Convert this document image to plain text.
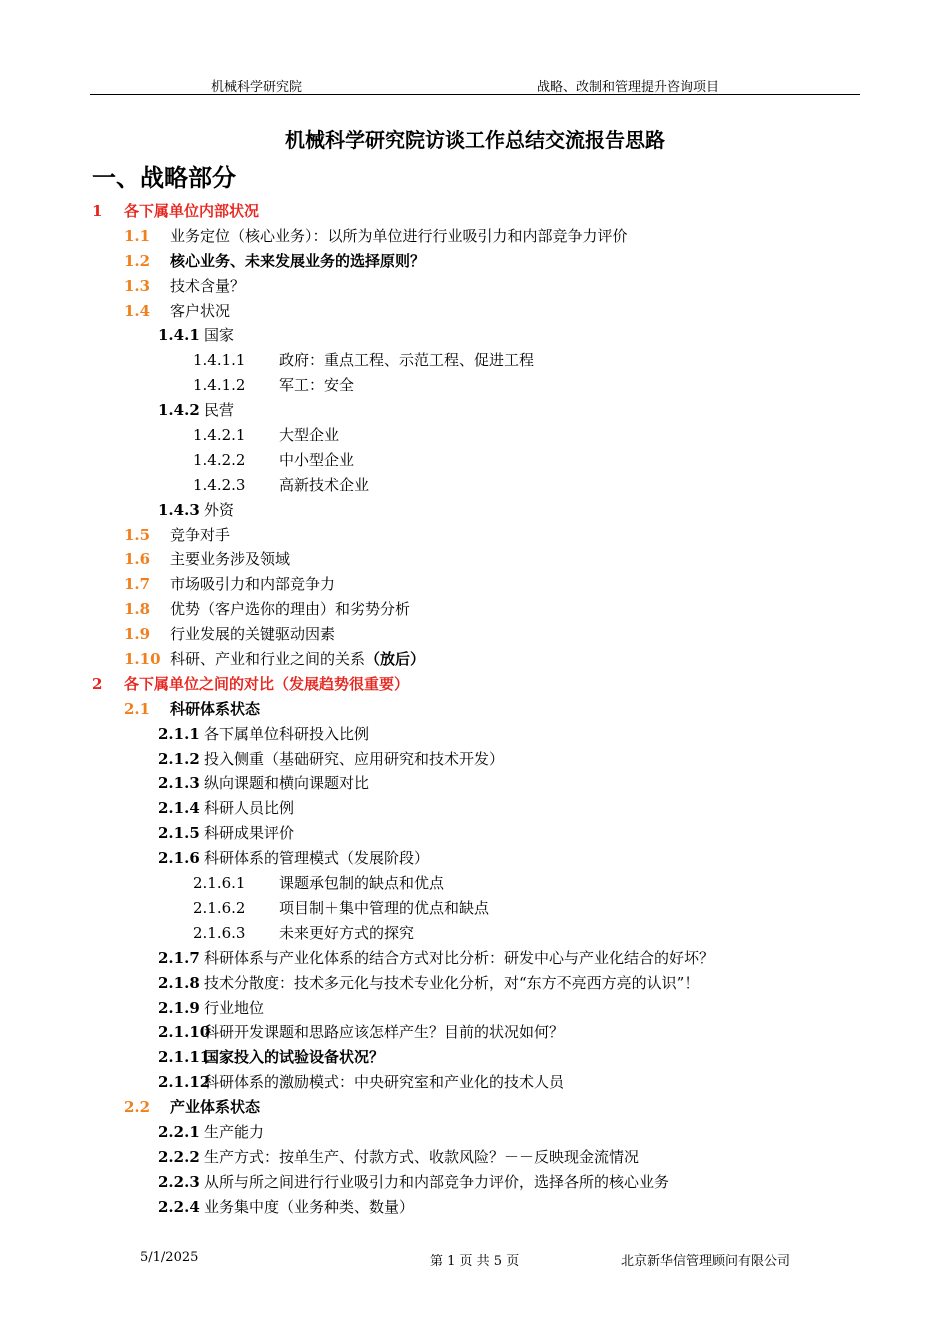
机械科学研究院	战略、改制和管理提升咨询项目
机械科学研究院访谈工作总结交流报告思路
一、战略部分
1 各下属单位内部状况
1.1 业务定位（核心业务）：以所为单位进行行业吸引力和内部竞争力评价
1.2 核心业务、未来发展业务的选择原则？
1.3 技术含量？
1.4 客户状况
1.4.1 国家
1.4.1.1 政府：重点工程、示范工程、促进工程
1.4.1.2 军工：安全
1.4.2 民营
1.4.2.1 大型企业
1.4.2.2 中小型企业
1.4.2.3 高新技术企业
1.4.3 外资
1.5 竞争对手
1.6 主要业务涉及领域
1.7 市场吸引力和内部竞争力
1.8 优势（客户选你的理由）和劣势分析
1.9 行业发展的关键驱动因素
1.10 科研、产业和行业之间的关系（放后）
2 各下属单位之间的对比（发展趋势很重要）
2.1 科研体系状态
2.1.1 各下属单位科研投入比例
2.1.2 投入侧重（基础研究、应用研究和技术开发）
2.1.3 纵向课题和横向课题对比
2.1.4 科研人员比例
2.1.5 科研成果评价
2.1.6 科研体系的管理模式（发展阶段）
2.1.6.1 课题承包制的缺点和优点
2.1.6.2 项目制＋集中管理的优点和缺点
2.1.6.3 未来更好方式的探究
2.1.7 科研体系与产业化体系的结合方式对比分析：研发中心与产业化结合的好坏？
2.1.8 技术分散度：技术多元化与技术专业化分析，对“东方不亮西方亮的认识”！
2.1.9 行业地位
2.1.10
科研开发课题和思路应该怎样产生？目前的状况如何？
2.1.11
国家投入的试验设备状况？
2.1.12
科研体系的激励模式：中央研究室和产业化的技术人员
2.2 产业体系状态
2.2.1 生产能力
2.2.2 生产方式：按单生产、付款方式、收款风险？－－反映现金流情况
2.2.3 从所与所之间进行行业吸引力和内部竞争力评价，选择各所的核心业务
2.2.4 业务集中度（业务种类、数量）
5/1/2025	第 1 页 共 5 页	北京新华信管理顾问有限公司
